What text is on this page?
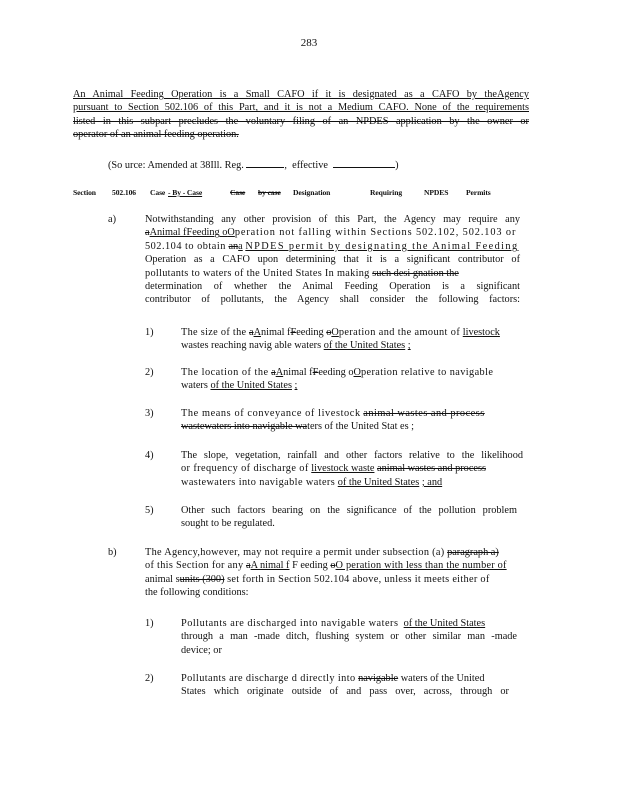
283
An Animal Feeding Operation is a Small CAFO if it is designated as a CAFO by theAgency
pursuant to Section 502.106 of this Part, and it is not a Medium CAFO. None of the requirements
listed in this subpart precludes the voluntary filing of an NPDES application by the owner or
operator of an animal feeding operation.
(So urce: Amended at 38Ill. Reg.	,  effective	)
Section 502.106 Case - By - Case	Case by case Designation	Requiring	NPDES Permits
a)	Notwithstanding any other provision of this Part, the Agency may require any
aAnimal fFeeding oOperation not falling within Sections 502.102, 502.103 or
502.104 to obtain ana NPDES permit by designating the Animal Feeding
Operation as a CAFO upon determining that it is a significant contributor of
pollutants to waters of the United States In making such desi gnation the
determination of whether the Animal Feeding Operation is a significant
contributor of pollutants, the Agency shall consider the following factors:
1)	The size of the aAnimal fFeeding oOperation and the amount of livestock
wastes reaching navig able waters of the United States ;
2)	The location of the aAnimal fFeeding oOperation relative to navigable
waters of the United States ;
3)	The means of conveyance of livestock animal wastes and process
wastewaters into navigable waters of the United Stat es ;
4)	The slope, vegetation, rainfall and other factors relative to the likelihood
or frequency of discharge of livestock waste animal wastes and process
wastewaters into navigable waters of the United States ; and
5)	Other such factors bearing on the significance of the pollution problem
sought to be regulated.
b)	The Agency,however, may not require a permit under subsection (a) paragraph a)
of this Section for any aA nimal f F eeding oO peration with less than the number of
animal sunits (300) set forth in Section 502.104 above, unless it meets either of
the following conditions:
1)	Pollutants are discharged into navigable waters of the United States
through a man -made ditch, flushing system or other similar man -made
device; or
2)	Pollutants are discharge d directly into navigable waters of the United
States which originate outside of and pass over, across, through or
